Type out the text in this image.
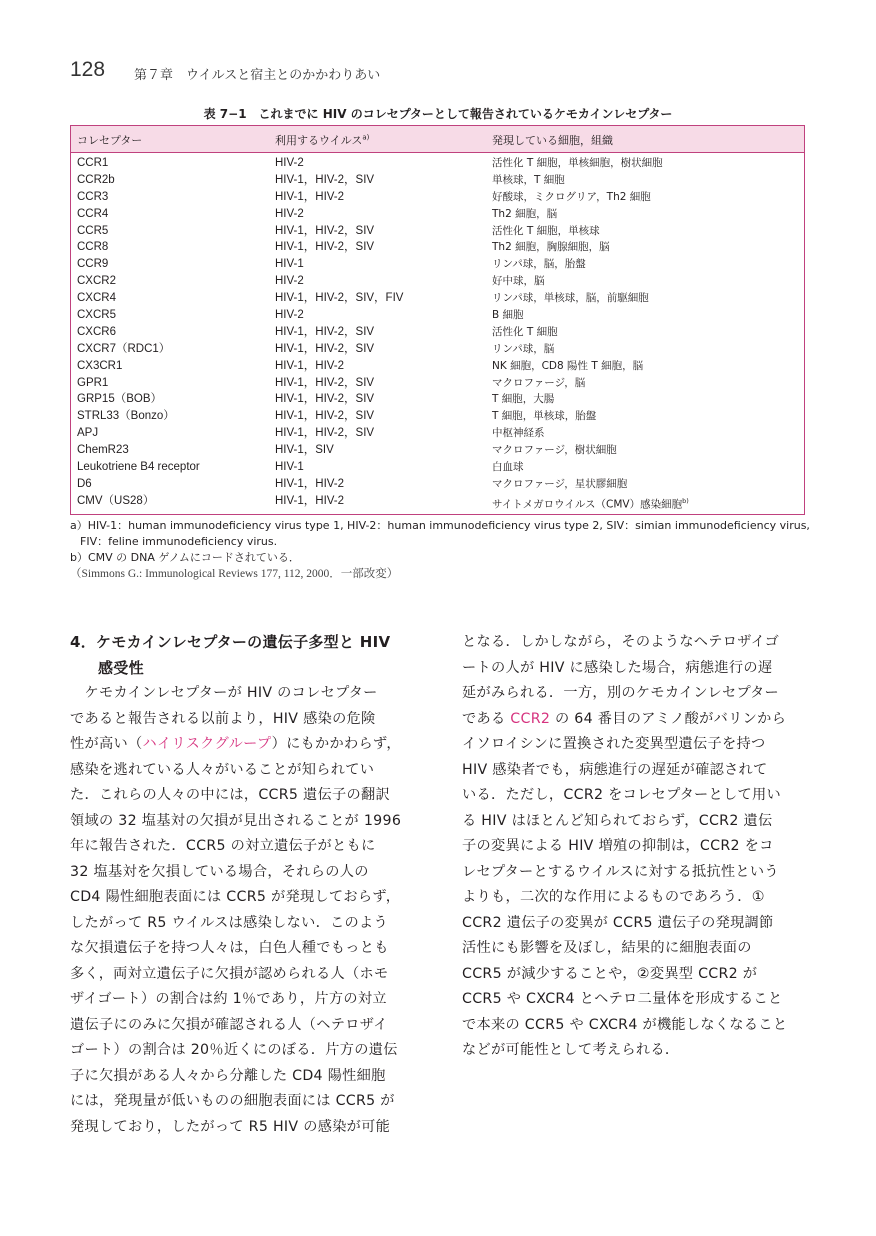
128 第７章　ウイルスと宿主とのかかわりあい
表 7−1　これまでに HIV のコレセプターとして報告されているケモカインレセプター
コレセプター	利用するウイルス$^{a)}$	発現している細胞，組織
CCR1	HIV-2	活性化 T 細胞，単核細胞，樹状細胞
CCR2b	HIV-1，HIV-2，SIV	単核球，T 細胞
CCR3	HIV-1，HIV-2	好酸球，ミクログリア，Th2 細胞
CCR4	HIV-2	Th2 細胞，脳
CCR5	HIV-1，HIV-2，SIV	活性化 T 細胞，単核球
CCR8	HIV-1，HIV-2，SIV	Th2 細胞，胸腺細胞，脳
CCR9	HIV-1	リンパ球，脳，胎盤
CXCR2	HIV-2	好中球，脳
CXCR4	HIV-1，HIV-2，SIV，FIV	リンパ球，単核球，脳，前駆細胞
CXCR5	HIV-2	B 細胞
CXCR6	HIV-1，HIV-2，SIV	活性化 T 細胞
CXCR7（RDC1）	HIV-1，HIV-2，SIV	リンパ球，脳
CX3CR1	HIV-1，HIV-2	NK 細胞，CD8 陽性 T 細胞，脳
GPR1	HIV-1，HIV-2，SIV	マクロファージ，脳
GRP15（BOB）	HIV-1，HIV-2，SIV	T 細胞，大腸
STRL33（Bonzo）	HIV-1，HIV-2，SIV	T 細胞，単核球，胎盤
APJ	HIV-1，HIV-2，SIV	中枢神経系
ChemR23	HIV-1，SIV	マクロファージ，樹状細胞
Leukotriene B4 receptor	HIV-1	白血球
D6	HIV-1，HIV-2	マクロファージ，星状膠細胞
CMV（US28）	HIV-1，HIV-2	サイトメガロウイルス（CMV）感染細胞$^{b)}$
a）HIV-1：human immunodeficiency virus type 1, HIV-2：human immunodeficiency virus type 2, SIV：simian immunodeficiency virus,
FIV：feline immunodeficiency virus.
b）CMV の DNA ゲノムにコードされている．
（Simmons G.: Immunological Reviews 177, 112, 2000．一部改変）
4．ケモカインレセプターの遺伝子多型と HIV
感受性
　ケモカインレセプターが HIV のコレセプター
であると報告される以前より，HIV 感染の危険
性が高い（ハイリスクグループ）にもかかわらず，
感染を逃れている人々がいることが知られてい
た．これらの人々の中には，CCR5 遺伝子の翻訳
領域の 32 塩基対の欠損が見出されることが 1996
年に報告された．CCR5 の対立遺伝子がともに
32 塩基対を欠損している場合，それらの人の
CD4 陽性細胞表面には CCR5 が発現しておらず，
したがって R5 ウイルスは感染しない．このよう
な欠損遺伝子を持つ人々は，白色人種でもっとも
多く，両対立遺伝子に欠損が認められる人（ホモ
ザイゴート）の割合は約 1％であり，片方の対立
遺伝子にのみに欠損が確認される人（ヘテロザイ
ゴート）の割合は 20％近くにのぼる．片方の遺伝
子に欠損がある人々から分離した CD4 陽性細胞
には，発現量が低いものの細胞表面には CCR5 が
発現しており，したがって R5 HIV の感染が可能
となる．しかしながら，そのようなヘテロザイゴ
ートの人が HIV に感染した場合，病態進行の遅
延がみられる．一方，別のケモカインレセプター
である CCR2 の 64 番目のアミノ酸がバリンから
イソロイシンに置換された変異型遺伝子を持つ
HIV 感染者でも，病態進行の遅延が確認されて
いる．ただし，CCR2 をコレセプターとして用い
る HIV はほとんど知られておらず，CCR2 遺伝
子の変異による HIV 増殖の抑制は，CCR2 をコ
レセプターとするウイルスに対する抵抗性という
よりも，二次的な作用によるものであろう．①
CCR2 遺伝子の変異が CCR5 遺伝子の発現調節
活性にも影響を及ぼし，結果的に細胞表面の
CCR5 が減少することや，②変異型 CCR2 が
CCR5 や CXCR4 とヘテロ二量体を形成すること
で本来の CCR5 や CXCR4 が機能しなくなること
などが可能性として考えられる．
